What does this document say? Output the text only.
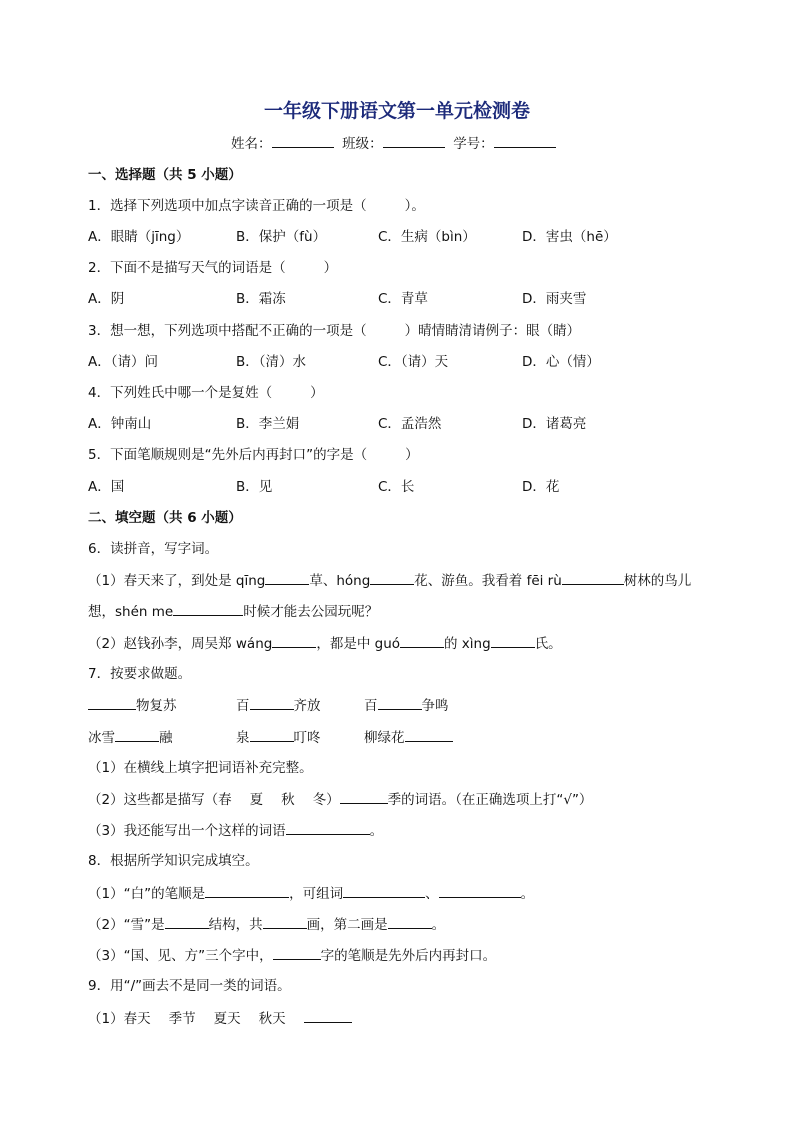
一年级下册语文第一单元检测卷
姓名：	班级：	学号：
一、选择题（共 5 小题）
1．选择下列选项中加点字读音正确的一项是（	）。
A．眼睛（jīng）	B．保护（fù）	C．生病（bìn）	D．害虫（hē）
2．下面不是描写天气的词语是（	）
A．阴	B．霜冻	C．青草	D．雨夹雪
3．想一想，下列选项中搭配不正确的一项是（	）晴情睛清请例子：眼（睛）
A．（请）问	B．（清）水	C．（请）天	D．心（情）
4．下列姓氏中哪一个是复姓（	）
A．钟南山	B．李兰娟	C．孟浩然	D．诸葛亮
5．下面笔顺规则是“先外后内再封口”的字是（	）
A．国	B．见	C．长	D．花
二、填空题（共 6 小题）
6．读拼音，写字词。
（1）春天来了，到处是 qīng	草、hóng	花、游鱼。我看着 fēi rù	树林的鸟儿
想，shén me	时候才能去公园玩呢？
（2）赵钱孙李，周吴郑 wáng	，都是中 guó	的 xìng	氏。
7．按要求做题。
物复苏	百	齐放	百	争鸣
冰雪	融	泉	叮咚	柳绿花
（1）在横线上填字把词语补充完整。
（2）这些都是描写（春 夏 秋 冬）	季的词语。（在正确选项上打“√”）
（3）我还能写出一个这样的词语	。
8．根据所学知识完成填空。
（1）“白”的笔顺是	，可组词	、	。
（2）“雪”是	结构，共	画，第二画是	。
（3）“国、见、方”三个字中，	字的笔顺是先外后内再封口。
9．用“/”画去不是同一类的词语。
（1）春天 季节 夏天 秋天
